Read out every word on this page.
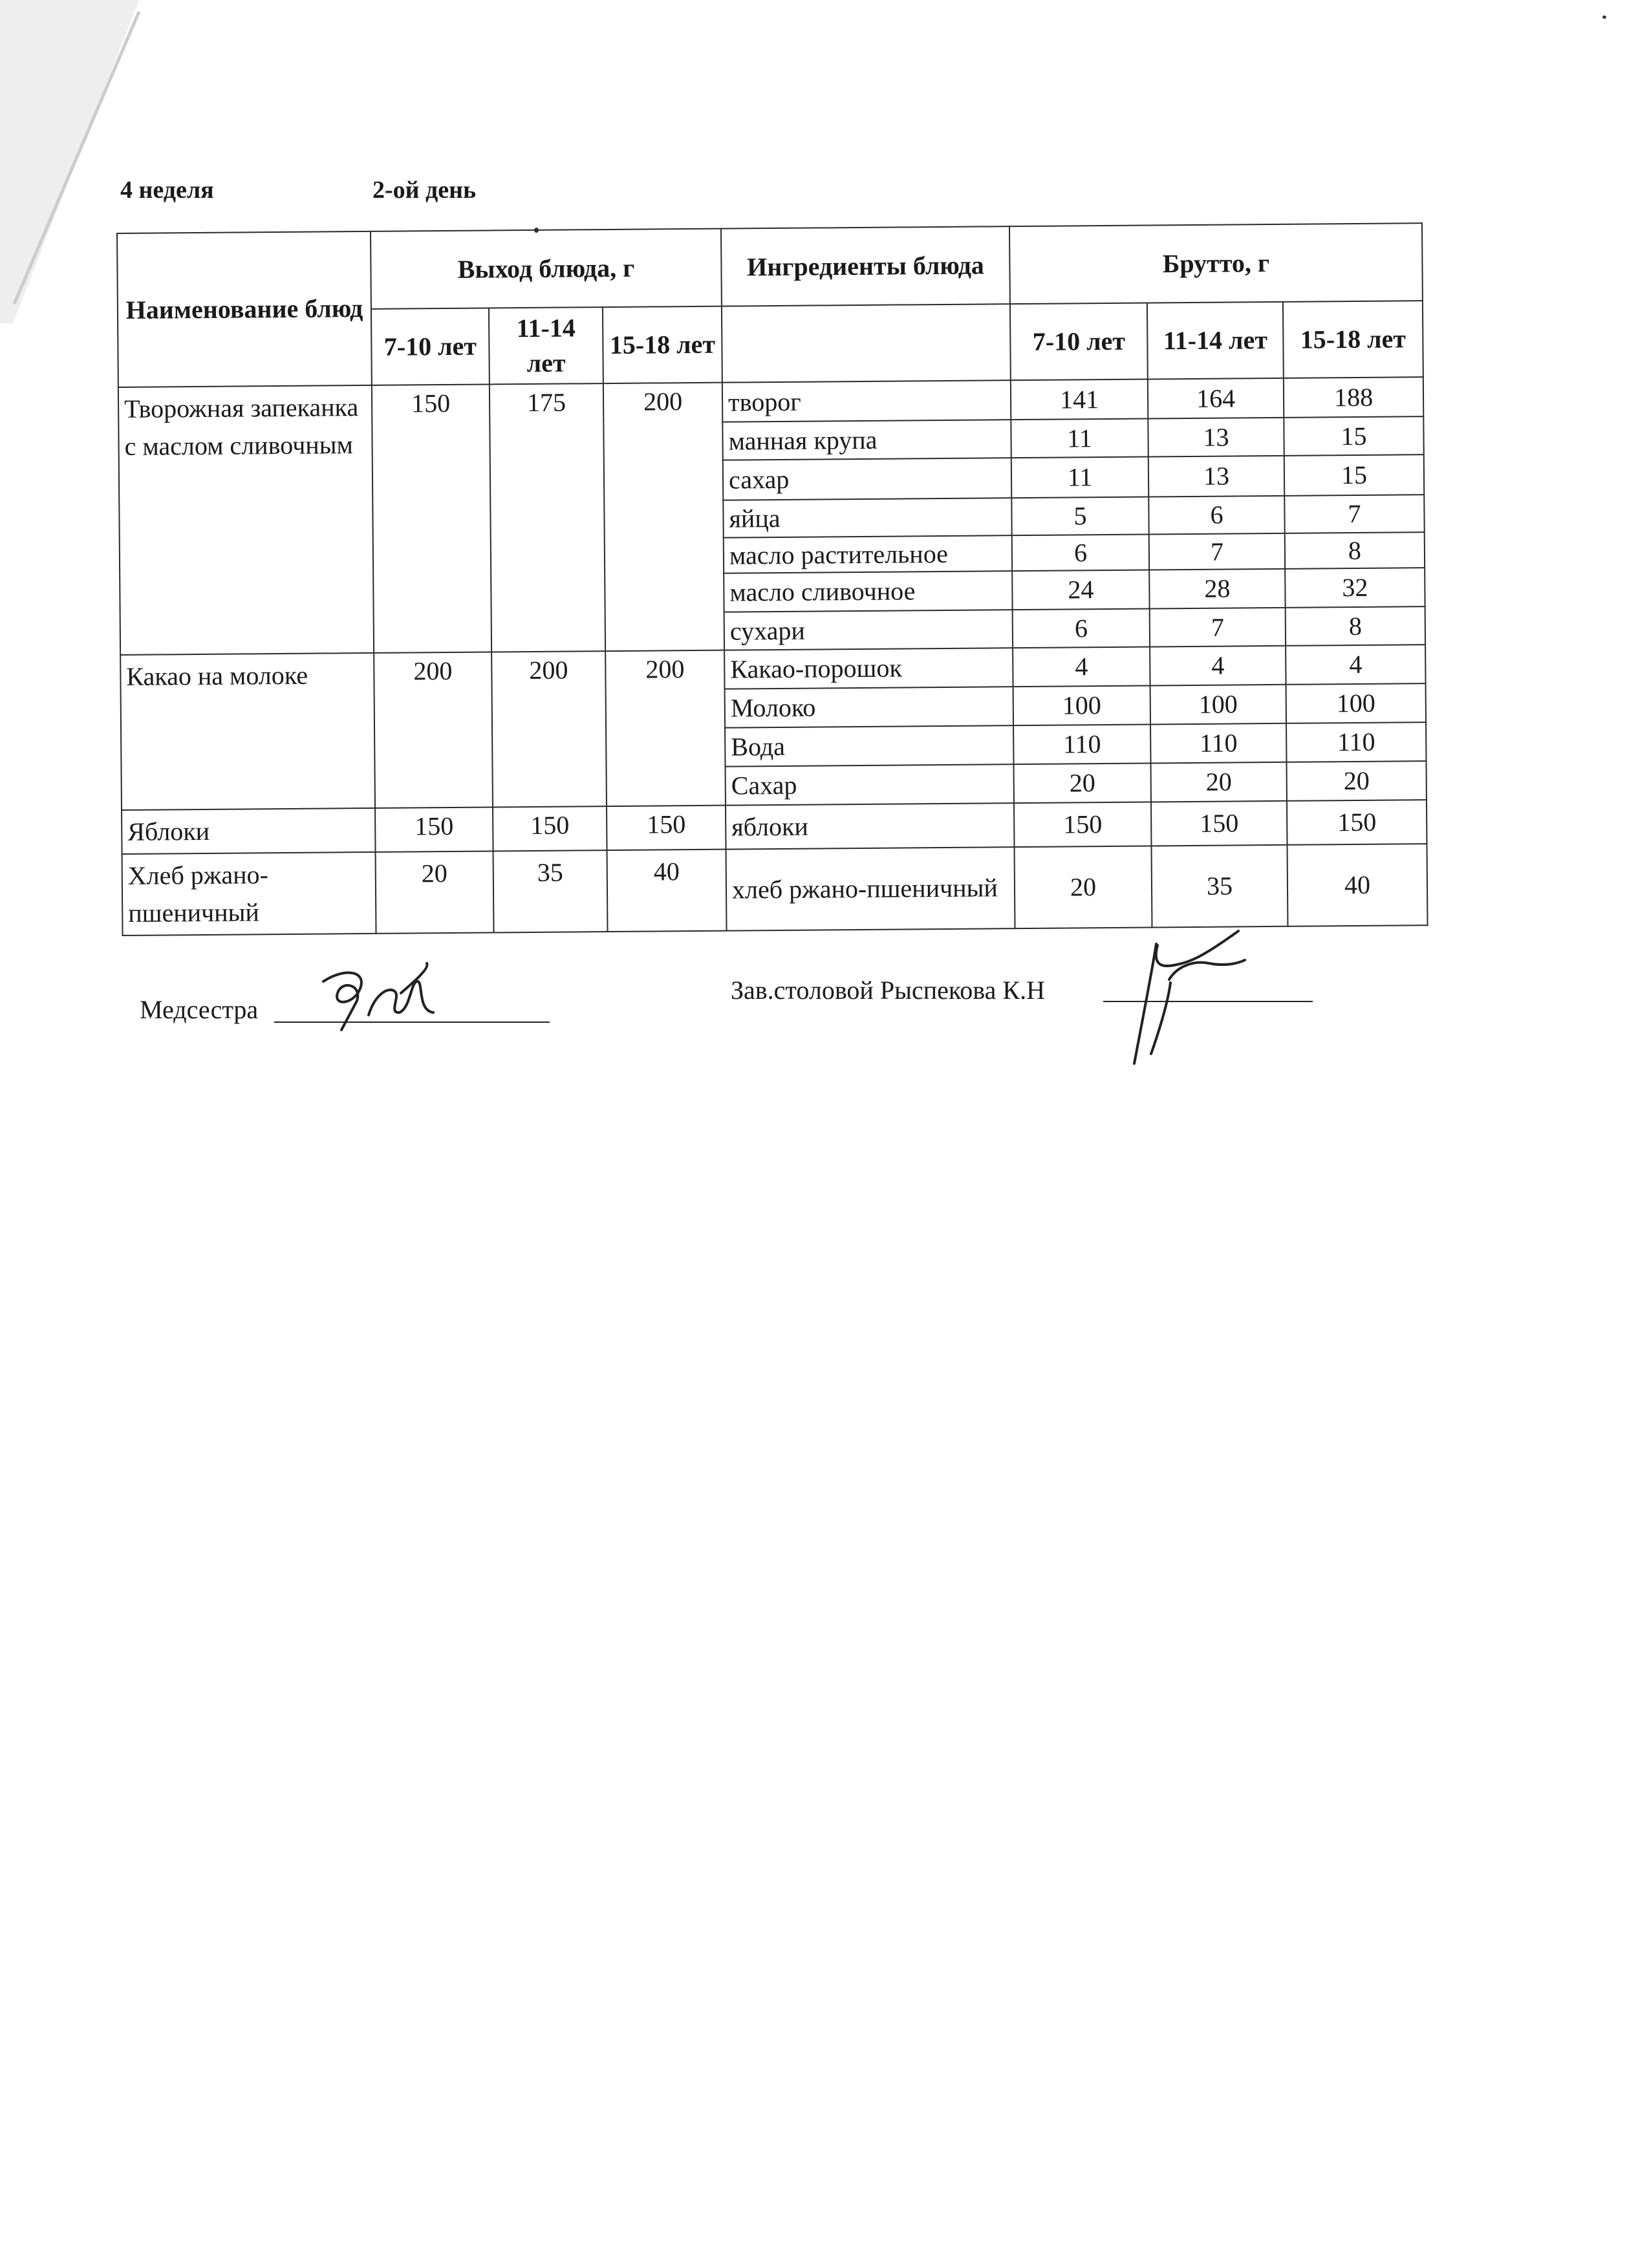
4 неделя	2-ой день
Наименование блюд	Выход блюда, г			Ингредиенты блюда	Брутто, г		
	7-10 лет	11-14 лет	15-18 лет		7-10 лет	11-14 лет	15-18 лет
Творожная запеканка с маслом сливочным	150	175	200	творог	141	164	188
				манная крупа	11	13	15
				сахар	11	13	15
				яйца	5	6	7
				масло растительное	6	7	8
				масло сливочное	24	28	32
				сухари	6	7	8
Какао на молоке	200	200	200	Какао-порошок	4	4	4
				Молоко	100	100	100
				Вода	110	110	110
				Сахар	20	20	20
Яблоки	150	150	150	яблоки	150	150	150
Хлеб ржано-пшеничный	20	35	40	хлеб ржано-пшеничный	20	35	40
Медсестра
Зав.столовой Рыспекова К.Н
